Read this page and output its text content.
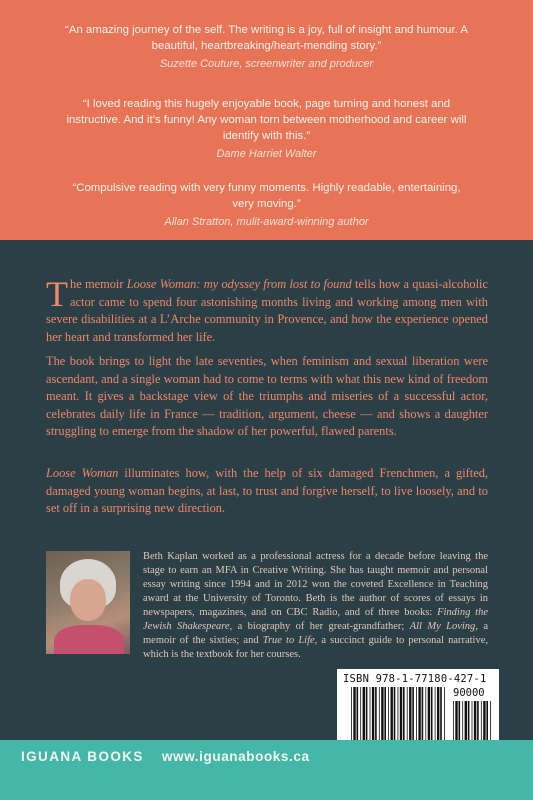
“An amazing journey of the self. The writing is a joy, full of insight and humour. A beautiful, heartbreaking/heart-mending story.”
Suzette Couture, screenwriter and producer
“I loved reading this hugely enjoyable book, page turning and honest and instructive. And it’s funny! Any woman torn between motherhood and career will identify with this.”
Dame Harriet Walter
“Compulsive reading with very funny moments. Highly readable, entertaining, very moving.”
Allan Stratton, mulit-award-winning author

The memoir Loose Woman: my odyssey from lost to found tells how a quasi-alcoholic actor came to spend four astonishing months living and working among men with severe disabilities at a L’Arche community in Provence, and how the experience opened her heart and transformed her life.

The book brings to light the late seventies, when feminism and sexual liberation were ascendant, and a single woman had to come to terms with what this new kind of freedom meant. It gives a backstage view of the triumphs and miseries of a successful actor, celebrates daily life in France — tradition, argument, cheese — and shows a daughter struggling to emerge from the shadow of her powerful, flawed parents.

Loose Woman illuminates how, with the help of six damaged Frenchmen, a gifted, damaged young woman begins, at last, to trust and forgive herself, to live loosely, and to set off in a surprising new direction.

Beth Kaplan worked as a professional actress for a decade before leaving the stage to earn an MFA in Creative Writing. She has taught memoir and personal essay writing since 1994 and in 2012 won the coveted Excellence in Teaching award at the University of Toronto. Beth is the author of scores of essays in newspapers, magazines, and on CBC Radio, and of three books: Finding the Jewish Shakespeare, a biography of her great-grandfather; All My Loving, a memoir of the sixties; and True to Life, a succinct guide to personal narrative, which is the textbook for her courses.

ISBN 978-1-77180-427-1
90000
IGUANA BOOKS www.iguanabooks.ca
